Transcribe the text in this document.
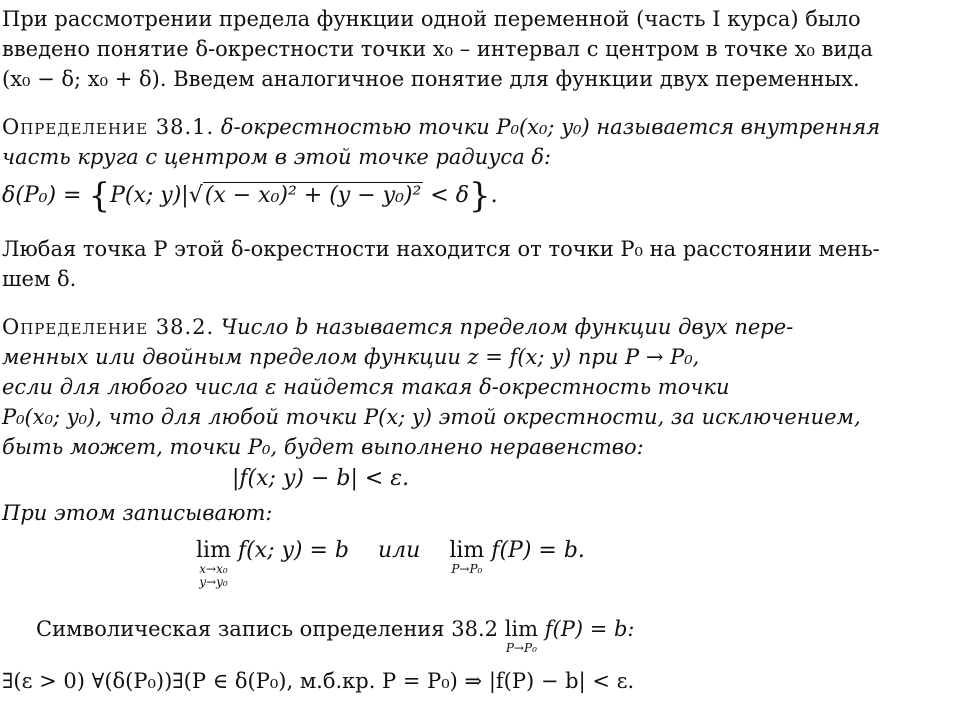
При рассмотрении предела функции одной переменной (часть I курса) было
введено понятие δ-окрестности точки x₀ – интервал с центром в точке x₀ вида
(x₀ − δ; x₀ + δ). Введем аналогичное понятие для функции двух переменных.
Определение 38.1. δ-окрестностью точки P₀(x₀; y₀) называется внутренняя
часть круга с центром в этой точке радиуса δ:
δ(P₀) = {P(x; y)|√(x − x₀)² + (y − y₀)² < δ}.
Любая точка P этой δ-окрестности находится от точки P₀ на расстоянии мень-
шем δ.
Определение 38.2. Число b называется пределом функции двух пере-
менных или двойным пределом функции z = f(x; y) при P → P₀,
если для любого числа ε найдется такая δ-окрестность точки
P₀(x₀; y₀), что для любой точки P(x; y) этой окрестности, за исключением,
быть может, точки P₀, будет выполнено неравенство:
|f(x; y) − b| < ε.
При этом записывают:
lim
x→x₀
y→y₀
f(x; y) = b или lim
P→P₀
f(P) = b.
Символическая запись определения 38.2 lim
P→P₀
f(P) = b:
∃(ε > 0) ∀(δ(P₀))∃(P ∈ δ(P₀), м.б.кр. P = P₀) ⇒ |f(P) − b| < ε.
